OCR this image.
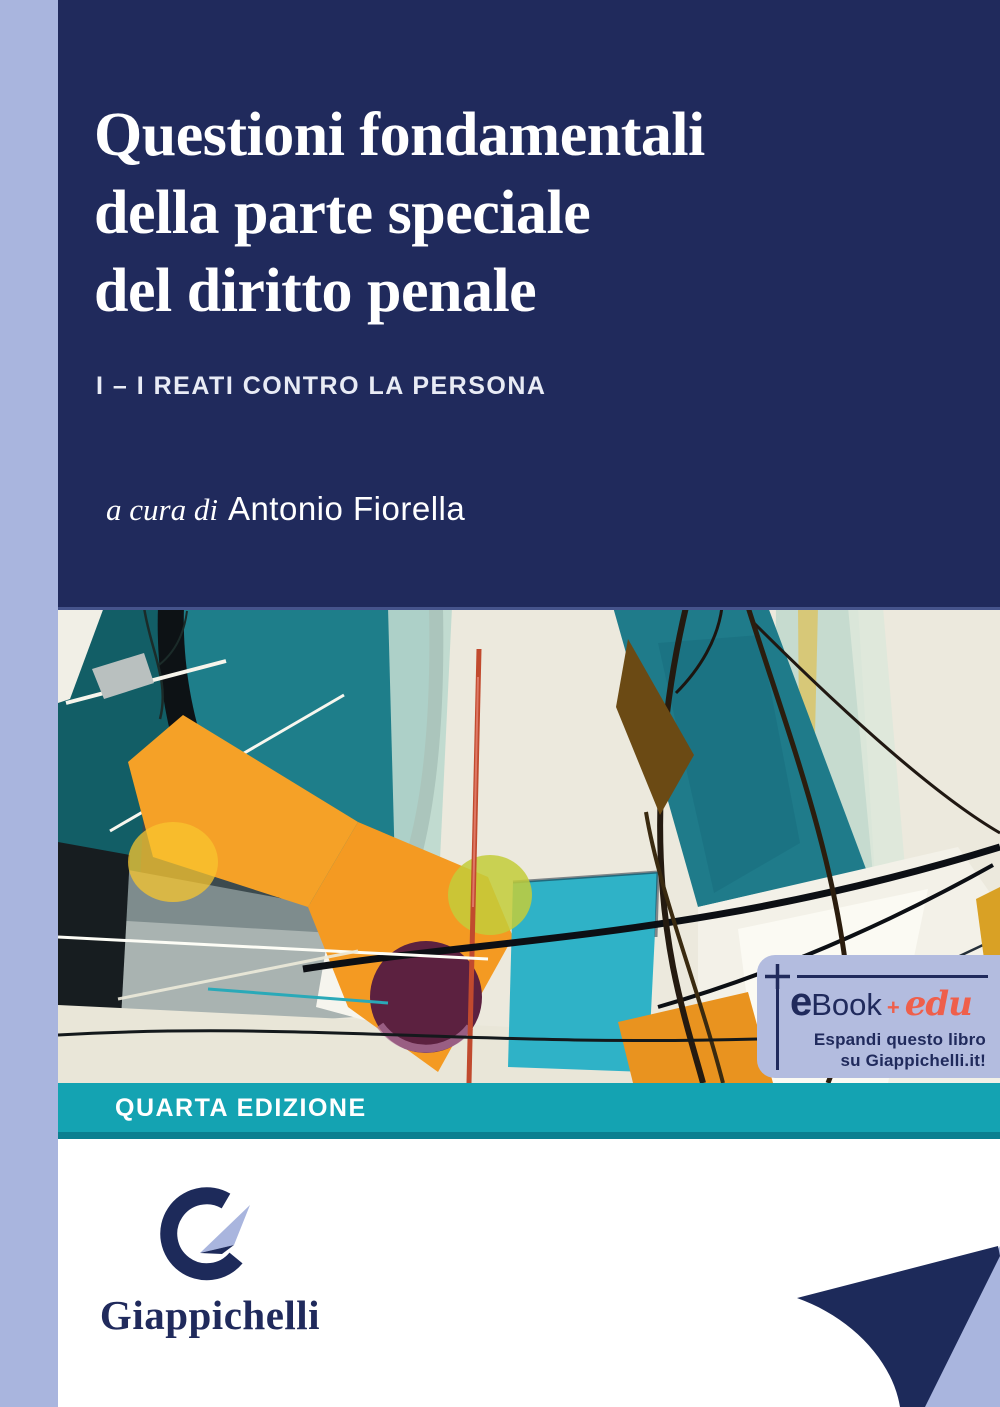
Questioni fondamentali
della parte speciale
del diritto penale
I – I REATI CONTRO LA PERSONA
a cura di Antonio Fiorella
e Book + edu
Espandi questo libro
su Giappichelli.it!
QUARTA EDIZIONE
Giappichelli
